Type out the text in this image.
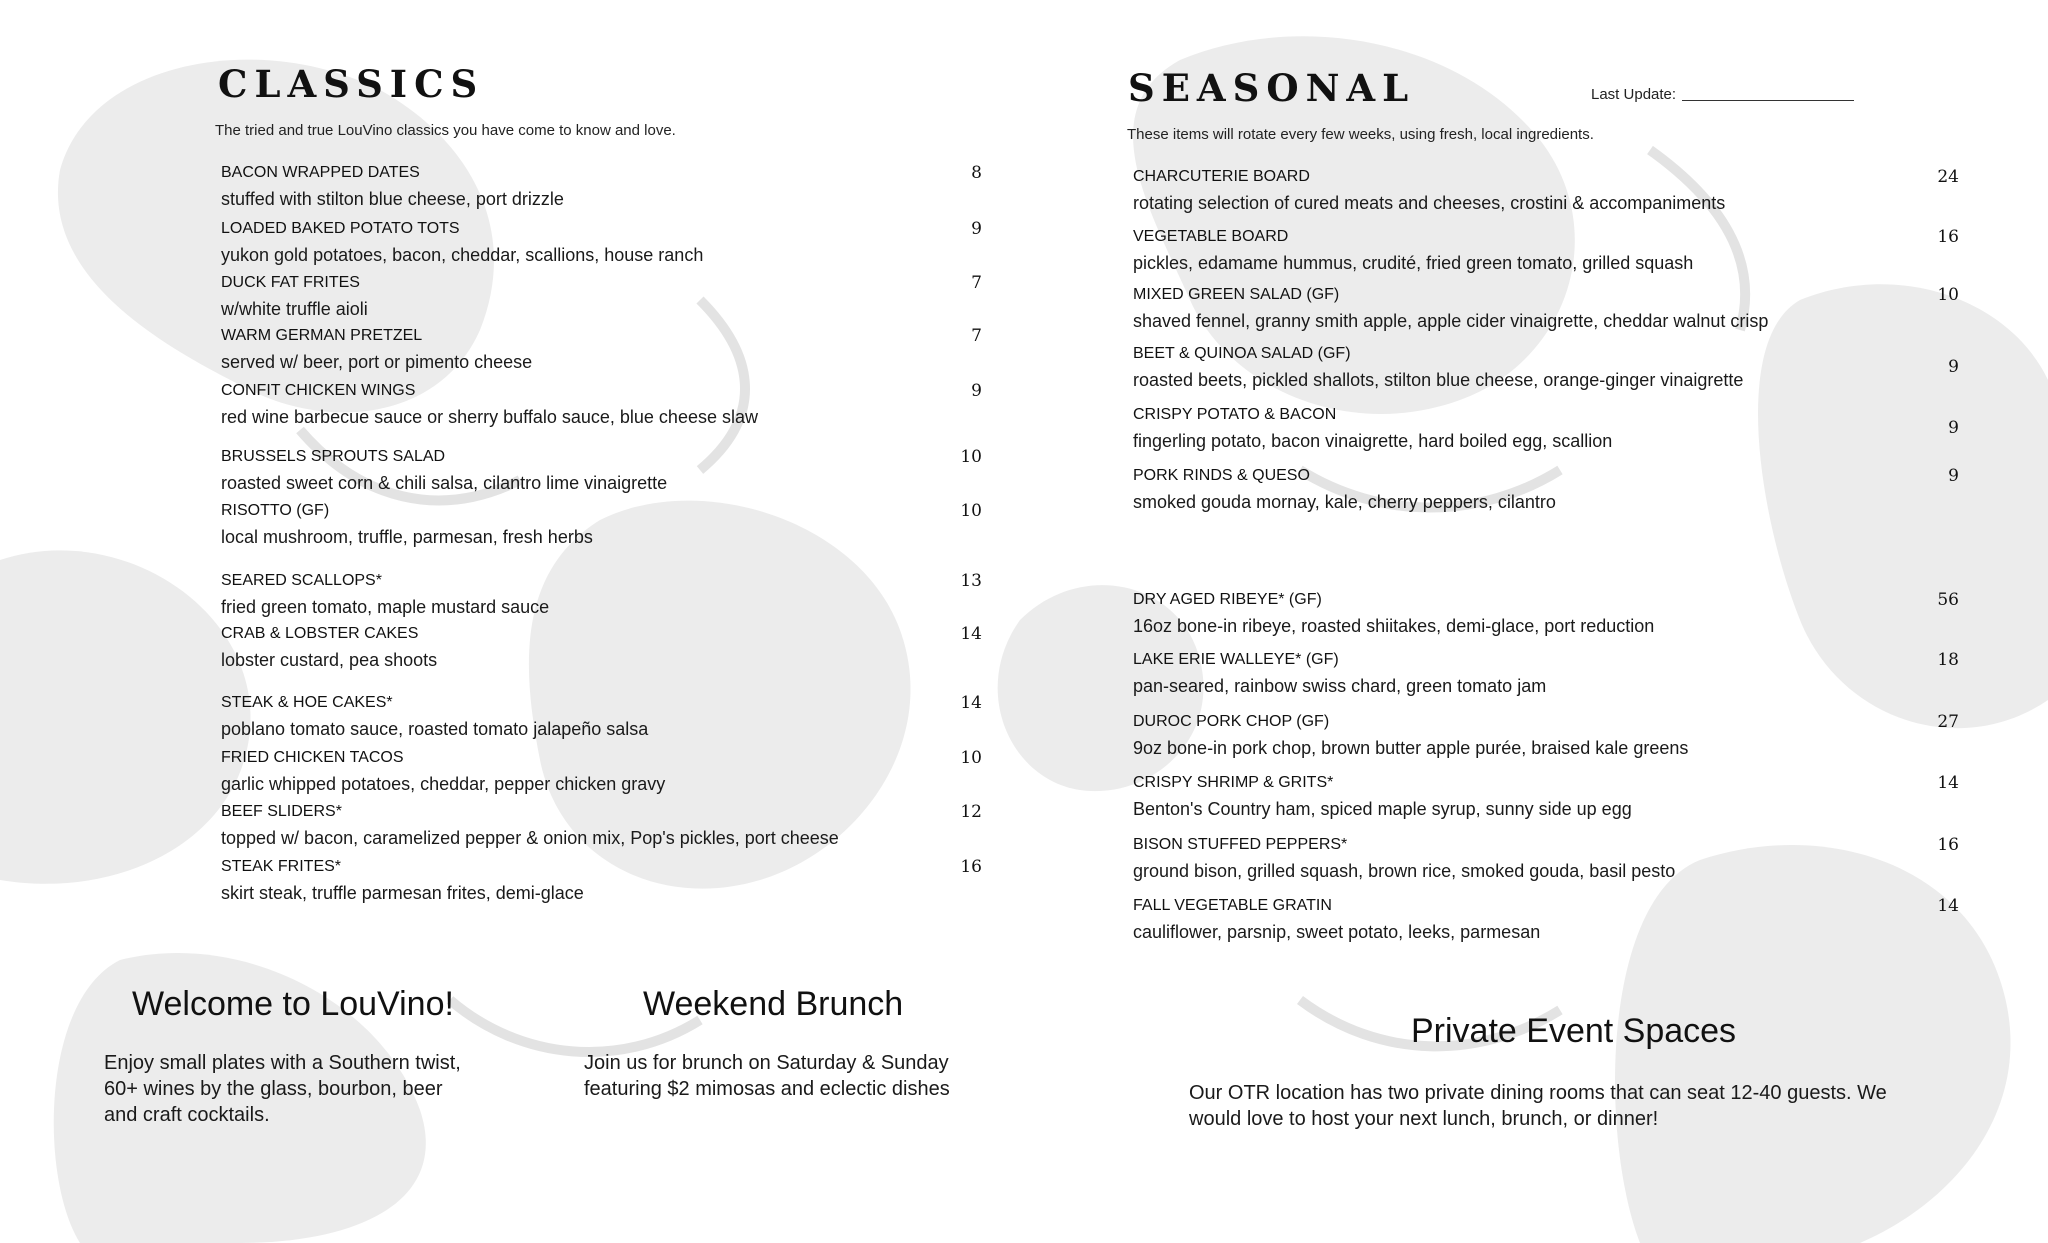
CLASSICS

The tried and true LouVino classics you have come to know and love.

BACON WRAPPED DATES
stuffed with stilton blue cheese, port drizzle
8
LOADED BAKED POTATO TOTS
yukon gold potatoes, bacon, cheddar, scallions, house ranch
9
DUCK FAT FRITES
w/white truffle aioli
7
WARM GERMAN PRETZEL
served w/ beer, port or pimento cheese
7
CONFIT CHICKEN WINGS
red wine barbecue sauce or sherry buffalo sauce, blue cheese slaw
9
BRUSSELS SPROUTS SALAD
roasted sweet corn & chili salsa, cilantro lime vinaigrette
10
RISOTTO (GF)
local mushroom, truffle, parmesan, fresh herbs
10
SEARED SCALLOPS*
fried green tomato, maple mustard sauce
13
CRAB & LOBSTER CAKES
lobster custard, pea shoots
14
STEAK & HOE CAKES*
poblano tomato sauce, roasted tomato jalapeño salsa
14
FRIED CHICKEN TACOS
garlic whipped potatoes, cheddar, pepper chicken gravy
10
BEEF SLIDERS*
topped w/ bacon, caramelized pepper & onion mix, Pop's pickles, port cheese
12
STEAK FRITES*
skirt steak, truffle parmesan frites, demi-glace
16
Welcome to LouVino!

Enjoy small plates with a Southern twist,
60+ wines by the glass, bourbon, beer
and craft cocktails.

Weekend Brunch

Join us for brunch on Saturday & Sunday
featuring $2 mimosas and eclectic dishes

SEASONAL	Last Update:

These items will rotate every few weeks, using fresh, local ingredients.

CHARCUTERIE BOARD
rotating selection of cured meats and cheeses, crostini & accompaniments
24
VEGETABLE BOARD
pickles, edamame hummus, crudité, fried green tomato, grilled squash
16
MIXED GREEN SALAD (GF)
shaved fennel, granny smith apple, apple cider vinaigrette, cheddar walnut crisp
10
BEET & QUINOA SALAD (GF)
roasted beets, pickled shallots, stilton blue cheese, orange-ginger vinaigrette
9
CRISPY POTATO & BACON
fingerling potato, bacon vinaigrette, hard boiled egg, scallion
9
PORK RINDS & QUESO
smoked gouda mornay, kale, cherry peppers, cilantro
9
DRY AGED RIBEYE* (GF)
16oz bone-in ribeye, roasted shiitakes, demi-glace, port reduction
56
LAKE ERIE WALLEYE* (GF)
pan-seared, rainbow swiss chard, green tomato jam
18
DUROC PORK CHOP (GF)
9oz bone-in pork chop, brown butter apple purée, braised kale greens
27
CRISPY SHRIMP & GRITS*
Benton's Country ham, spiced maple syrup, sunny side up egg
14
BISON STUFFED PEPPERS*
ground bison, grilled squash, brown rice, smoked gouda, basil pesto
16
FALL VEGETABLE GRATIN
cauliflower, parsnip, sweet potato, leeks, parmesan
14
Private Event Spaces

Our OTR location has two private dining rooms that can seat 12-40 guests. We
would love to host your next lunch, brunch, or dinner!
